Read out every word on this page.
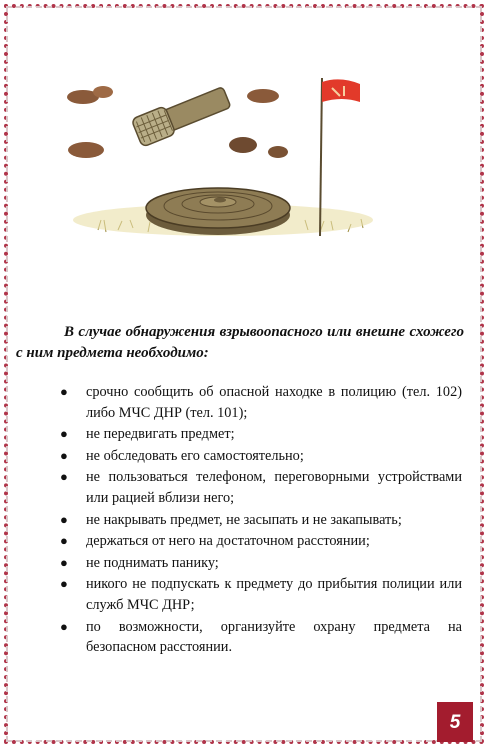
В случае обнаружения взрывоопасного или внешне схожего с ним предмета необходимо:
● срочно сообщить об опасной находке в полицию (тел. 102) либо МЧС ДНР (тел. 101);
● не передвигать предмет;
● не обследовать его самостоятельно;
● не пользоваться телефоном, переговорными устройствами или рацией вблизи него;
● не накрывать предмет, не засыпать и не закапывать;
● держаться от него на достаточном расстоянии;
● не поднимать панику;
● никого не подпускать к предмету до прибытия полиции или служб МЧС ДНР;
● по возможности, организуйте охрану предмета на безопасном расстоянии.
5
